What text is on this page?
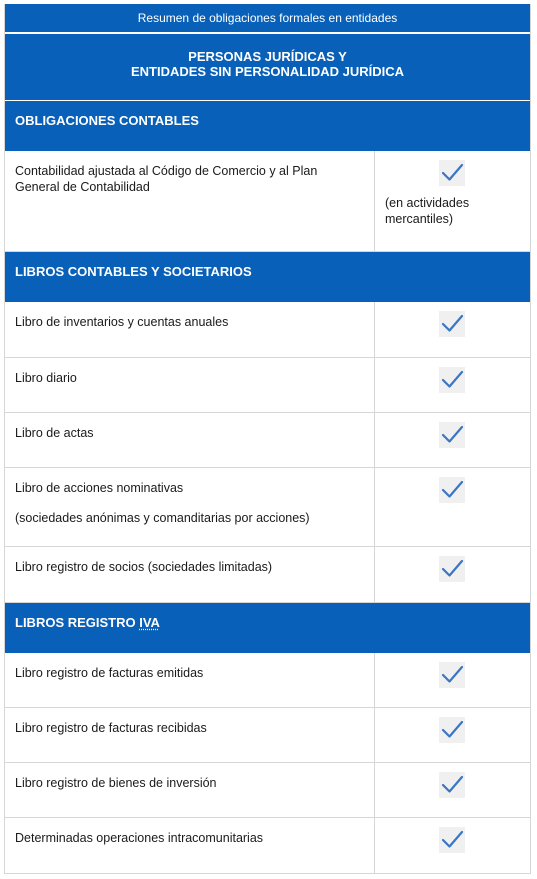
Resumen de obligaciones formales en entidades
PERSONAS JURÍDICAS Y
ENTIDADES SIN PERSONALIDAD JURÍDICA
OBLIGACIONES CONTABLES
Contabilidad ajustada al Código de Comercio y al Plan General de Contabilidad
(en actividades mercantiles)
LIBROS CONTABLES Y SOCIETARIOS
Libro de inventarios y cuentas anuales
Libro diario
Libro de actas
Libro de acciones nominativas
(sociedades anónimas y comanditarias por acciones)
Libro registro de socios (sociedades limitadas)
LIBROS REGISTRO IVA
Libro registro de facturas emitidas
Libro registro de facturas recibidas
Libro registro de bienes de inversión
Determinadas operaciones intracomunitarias
